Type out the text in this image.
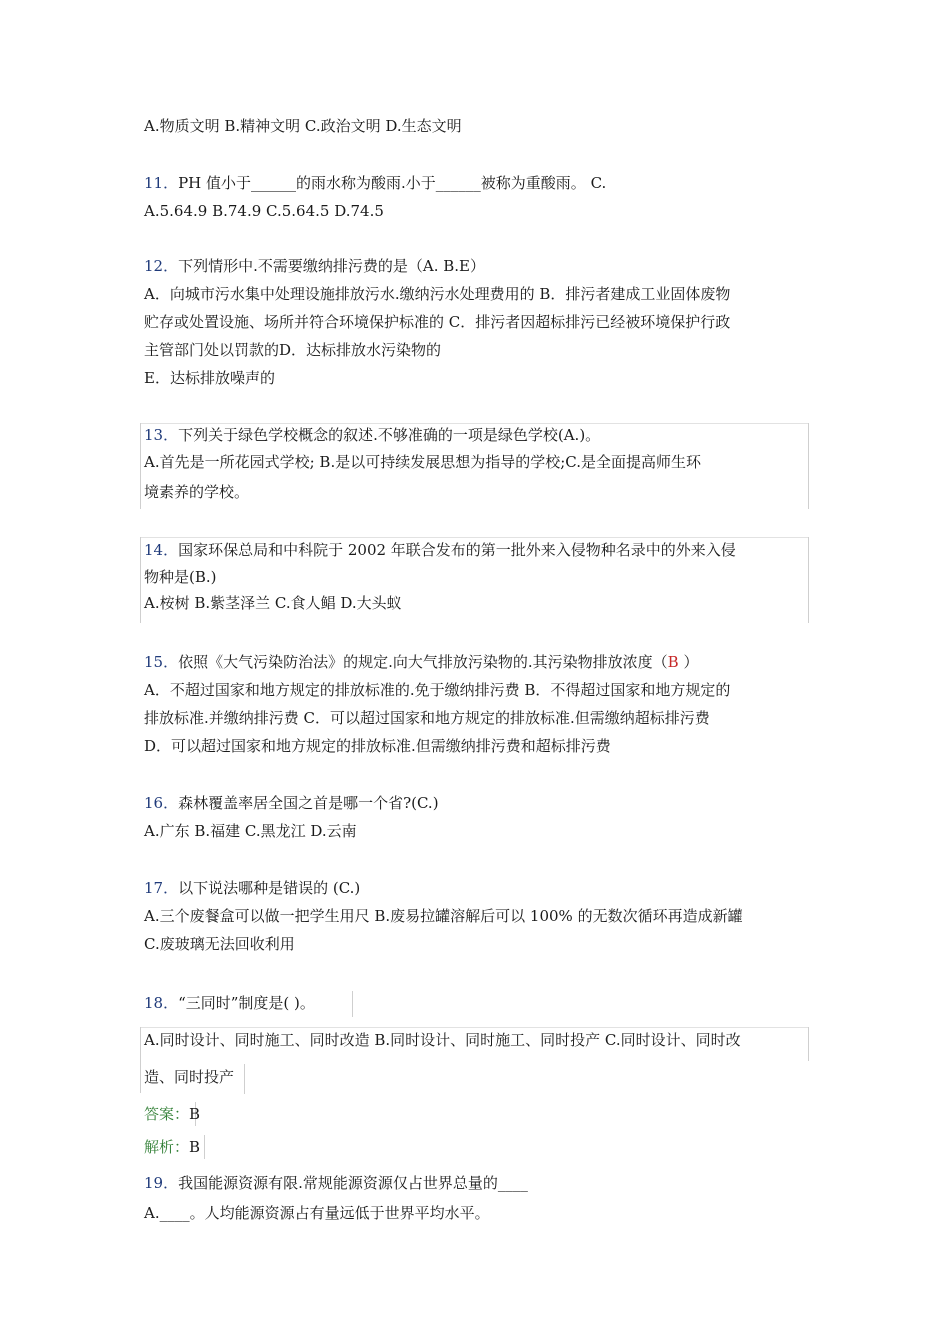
A.物质文明 B.精神文明 C.政治文明 D.生态文明
11．PH 值小于______的雨水称为酸雨.小于______被称为重酸雨。 C.
A.5.64.9 B.74.9 C.5.64.5 D.74.5
12．下列情形中.不需要缴纳排污费的是（A. B.E）
A．向城市污水集中处理设施排放污水.缴纳污水处理费用的 B．排污者建成工业固体废物
贮存或处置设施、场所并符合环境保护标准的 C．排污者因超标排污已经被环境保护行政
主管部门处以罚款的D．达标排放水污染物的
E．达标排放噪声的
13．下列关于绿色学校概念的叙述.不够准确的一项是绿色学校(A.)。
A.首先是一所花园式学校; B.是以可持续发展思想为指导的学校;C.是全面提高师生环
境素养的学校。
14．国家环保总局和中科院于 2002 年联合发布的第一批外来入侵物种名录中的外来入侵
物种是(B.)
A.桉树 B.紫茎泽兰 C.食人鲳 D.大头蚁
15．依照《大气污染防治法》的规定.向大气排放污染物的.其污染物排放浓度（B ）
A．不超过国家和地方规定的排放标准的.免于缴纳排污费 B．不得超过国家和地方规定的
排放标准.并缴纳排污费 C．可以超过国家和地方规定的排放标准.但需缴纳超标排污费
D．可以超过国家和地方规定的排放标准.但需缴纳排污费和超标排污费
16．森林覆盖率居全国之首是哪一个省?(C.)
A.广东 B.福建 C.黑龙江 D.云南
17．以下说法哪种是错误的 (C.)
A.三个废餐盒可以做一把学生用尺 B.废易拉罐溶解后可以 100% 的无数次循环再造成新罐
C.废玻璃无法回收利用
18．“三同时”制度是( )。
A.同时设计、同时施工、同时改造 B.同时设计、同时施工、同时投产 C.同时设计、同时改
造、同时投产
答案：B
解析：B
19．我国能源资源有限.常规能源资源仅占世界总量的____
A.____。人均能源资源占有量远低于世界平均水平。
